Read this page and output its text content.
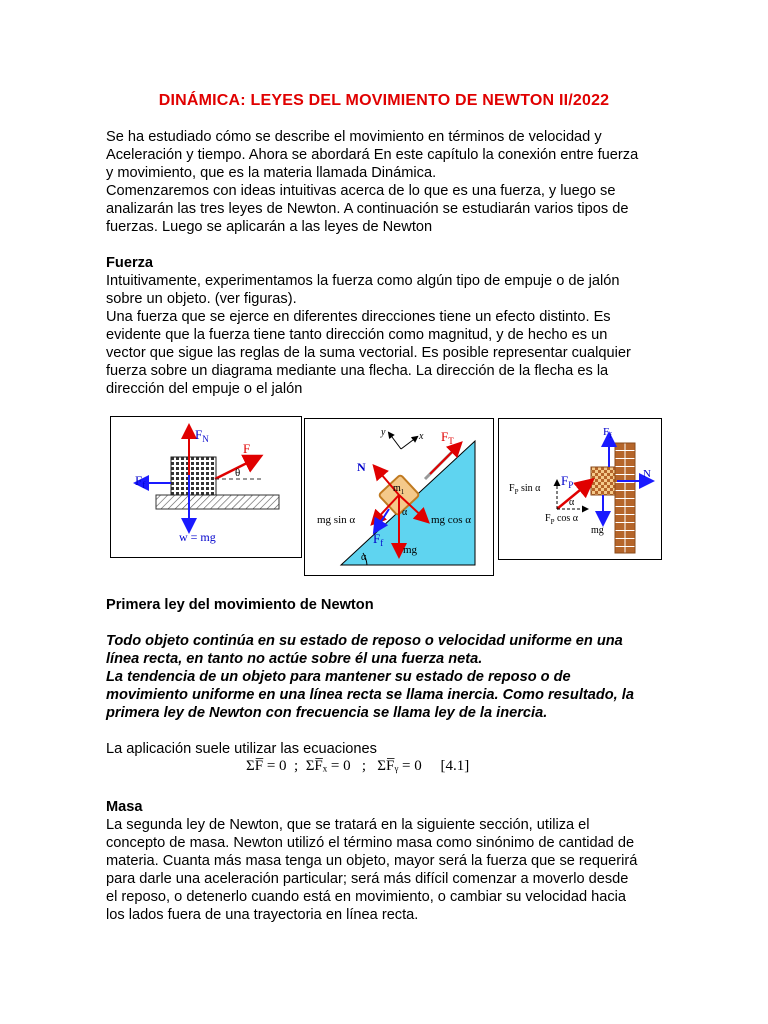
DINÁMICA: LEYES DEL MOVIMIENTO DE NEWTON II/2022

Se ha estudiado cómo se describe el movimiento en términos de velocidad y

Aceleración y tiempo. Ahora se abordará En este capítulo la conexión entre fuerza

y movimiento, que es la materia llamada Dinámica.

Comenzaremos con ideas intuitivas acerca de lo que es una fuerza, y luego se

analizarán las tres leyes de Newton. A continuación se estudiarán varios tipos de

fuerzas. Luego se aplicarán a las leyes de Newton

Fuerza

Intuitivamente, experimentamos la fuerza como algún tipo de empuje o de jalón

sobre un objeto. (ver figuras).

Una fuerza que se ejerce en diferentes direcciones tiene un efecto distinto. Es

evidente que la fuerza tiene tanto dirección como magnitud, y de hecho es un

vector que sigue las reglas de la suma vectorial. Es posible representar cualquier

fuerza sobre un diagrama mediante una flecha. La dirección de la flecha es la

dirección del empuje o el jalón

$F_N$
F
θ
$F_f$
w = mg
y	x $F_T$
N
$m_1$
α
mg sin α	mg cos α
$F_f$
mg
α
$F_f$
N
$F_P$ sin α
$F_P$
α
$F_P$ cos α
mg

Primera ley del movimiento de Newton

Todo objeto continúa en su estado de reposo o velocidad uniforme en una

línea recta, en tanto no actúe sobre él una fuerza neta.

La tendencia de un objeto para mantener su estado de reposo o de

movimiento uniforme en una línea recta se llama inercia. Como resultado, la

primera ley de Newton con frecuencia se llama ley de la inercia.

La aplicación suele utilizar las ecuaciones

ΣF̅ = 0  ;  ΣF̅ₓ = 0   ;   ΣF̅ᵧ = 0     [4.1]

Masa

La segunda ley de Newton, que se tratará en la siguiente sección, utiliza el

concepto de masa. Newton utilizó el término masa como sinónimo de cantidad de

materia. Cuanta más masa tenga un objeto, mayor será la fuerza que se requerirá

para darle una aceleración particular; será más difícil comenzar a moverlo desde

el reposo, o detenerlo cuando está en movimiento, o cambiar su velocidad hacia

los lados fuera de una trayectoria en línea recta.
